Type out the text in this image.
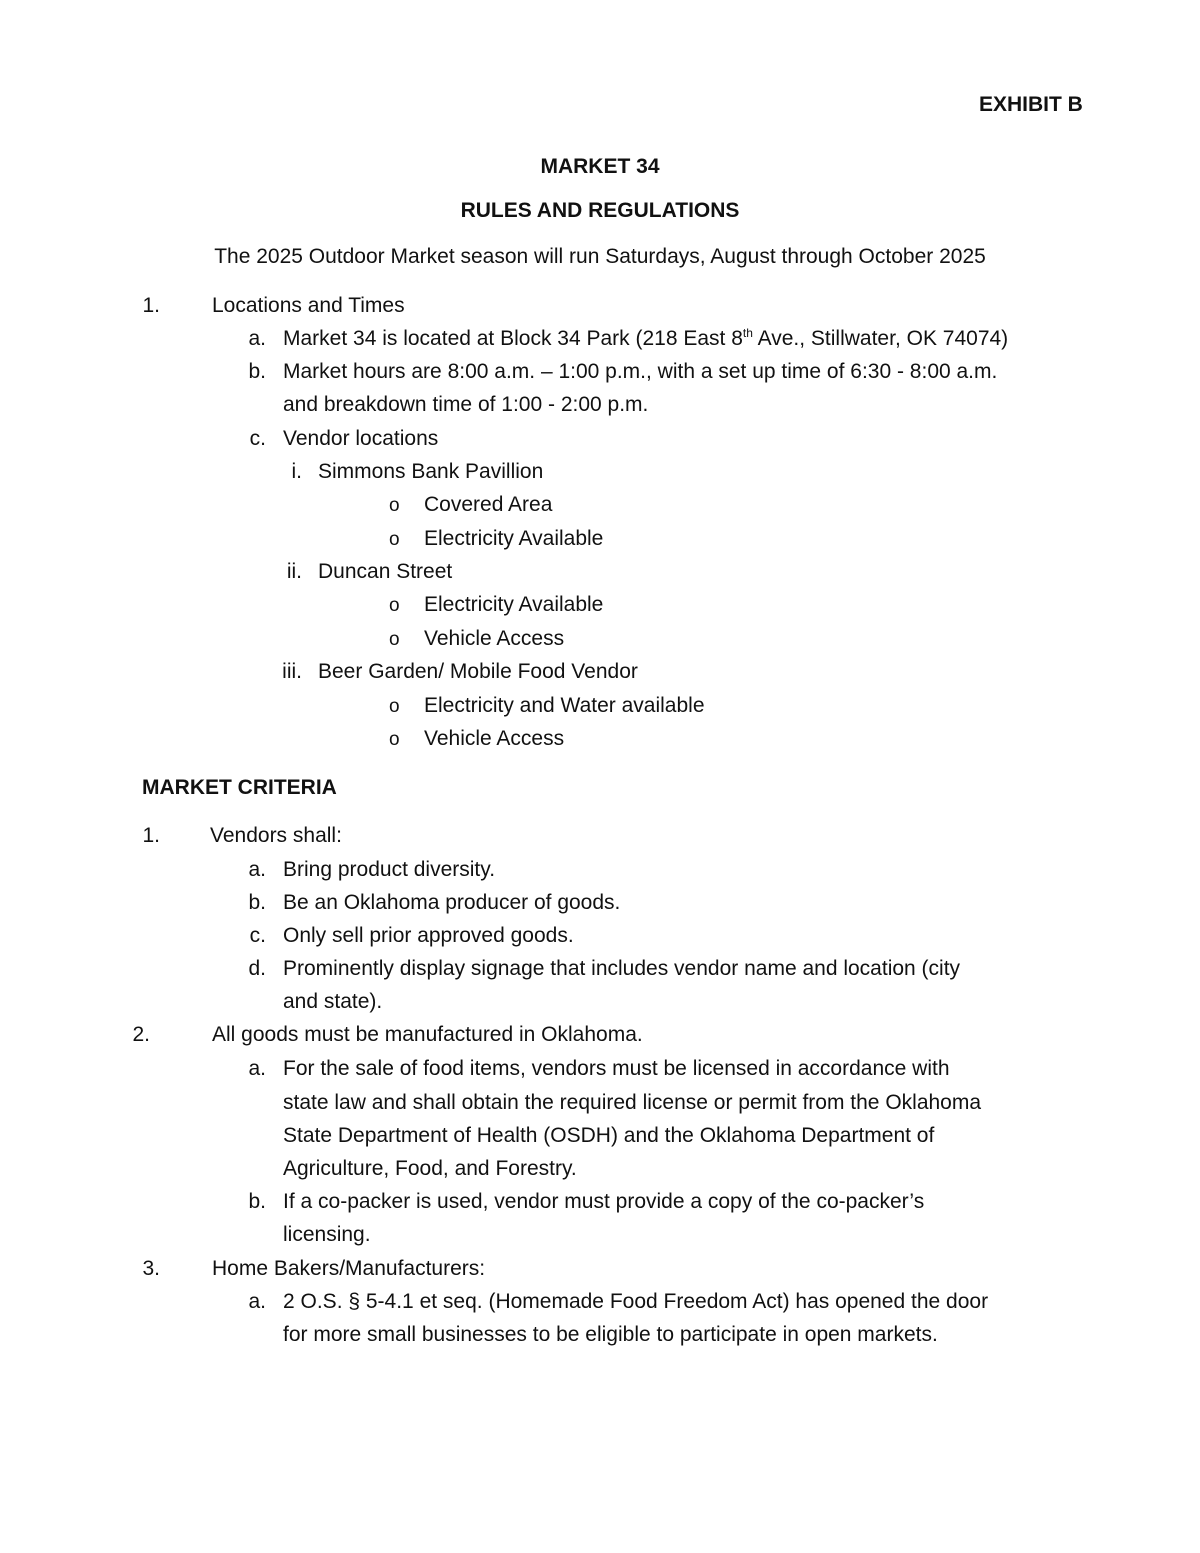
EXHIBIT B
MARKET 34
RULES AND REGULATIONS
The 2025 Outdoor Market season will run Saturdays, August through October 2025
1. Locations and Times
a. Market 34 is located at Block 34 Park (218 East 8th Ave., Stillwater, OK 74074)
b. Market hours are 8:00 a.m. – 1:00 p.m., with a set up time of 6:30 - 8:00 a.m.
and breakdown time of 1:00 - 2:00 p.m.
c. Vendor locations
i. Simmons Bank Pavillion
o Covered Area
o Electricity Available
ii. Duncan Street
o Electricity Available
o Vehicle Access
iii. Beer Garden/ Mobile Food Vendor
o Electricity and Water available
o Vehicle Access
MARKET CRITERIA
1. Vendors shall:
a. Bring product diversity.
b. Be an Oklahoma producer of goods.
c. Only sell prior approved goods.
d. Prominently display signage that includes vendor name and location (city
and state).
2.	All goods must be manufactured in Oklahoma.
a. For the sale of food items, vendors must be licensed in accordance with
state law and shall obtain the required license or permit from the Oklahoma
State Department of Health (OSDH) and the Oklahoma Department of
Agriculture, Food, and Forestry.
b. If a co-packer is used, vendor must provide a copy of the co-packer’s
licensing.
3. Home Bakers/Manufacturers:
a. 2 O.S. § 5-4.1 et seq. (Homemade Food Freedom Act) has opened the door
for more small businesses to be eligible to participate in open markets.
